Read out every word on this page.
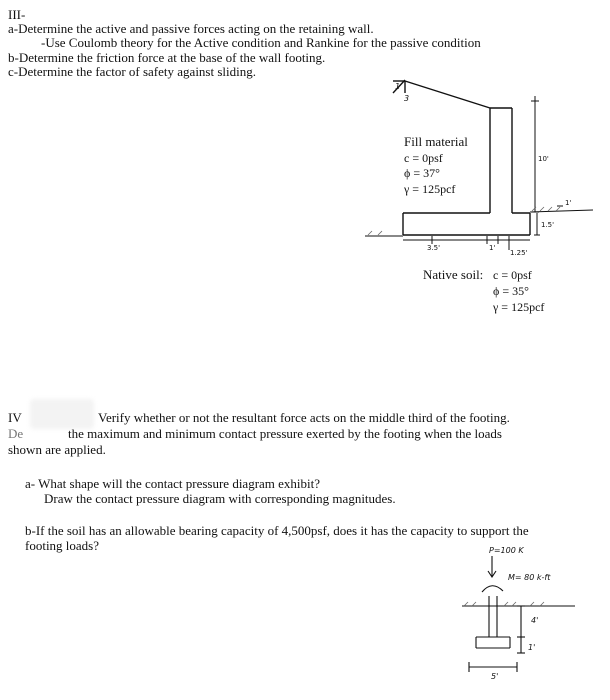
III-
a-Determine the active and passive forces acting on the retaining wall.
-Use Coulomb theory for the Active condition and Rankine for the passive condition
b-Determine the friction force at the base of the wall footing.
c-Determine the factor of safety against sliding.
1
3
Fill material
c = 0psf
ϕ = 37°
γ = 125pcf
10'
1'
1.5'
3.5'	1'
1.25'
Native soil: c = 0psf
ϕ = 35°
γ = 125pcf
IV	Verify whether or not the resultant force acts on the middle third of the footing.
De	the maximum and minimum contact pressure exerted by the footing when the loads
shown are applied.
a- What shape will the contact pressure diagram exhibit?
Draw the contact pressure diagram with corresponding magnitudes.
b-If the soil has an allowable bearing capacity of 4,500psf, does it has the capacity to support the
footing loads?	P=100 K
M= 80 k-ft
4'
1'
5'
